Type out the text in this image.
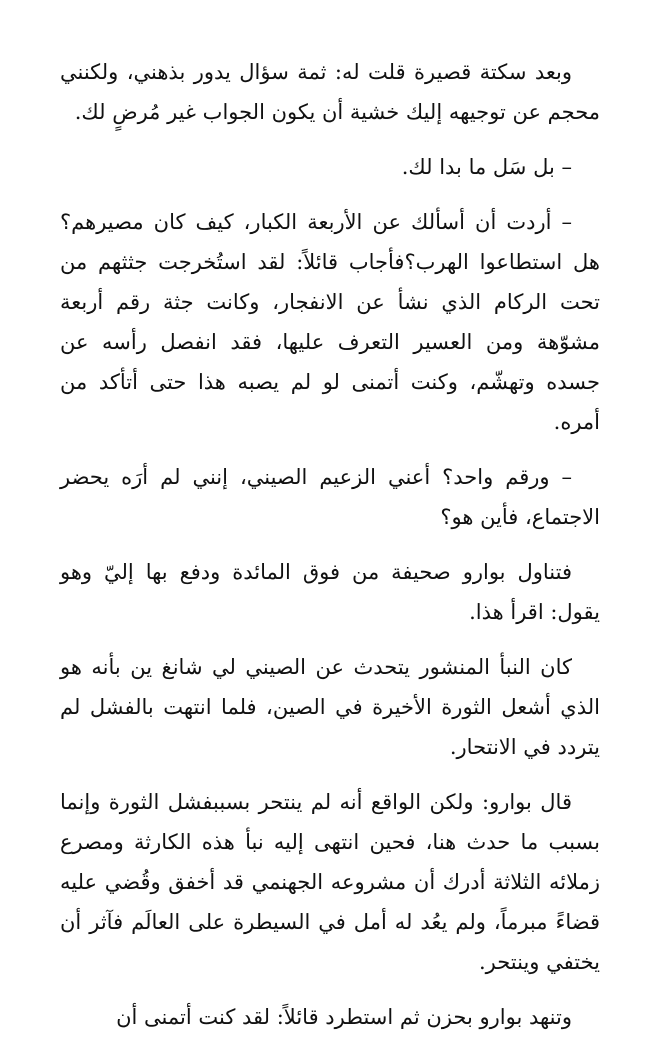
وبعد سكتة قصيرة قلت له: ثمة سؤال يدور بذهني، ولكنني محجم عن توجيهه إليك خشية أن يكون الجواب غير مُرضٍ لك.

– بل سَل ما بدا لك.

– أردت أن أسألك عن الأربعة الكبار، كيف كان مصيرهم؟ هل استطاعوا الهرب؟فأجاب قائلاً: لقد استُخرجت جثثهم من تحت الركام الذي نشأ عن الانفجار، وكانت جثة رقم أربعة مشوّهة ومن العسير التعرف عليها، فقد انفصل رأسه عن جسده وتهشّم، وكنت أتمنى لو لم يصبه هذا حتى أتأكد من أمره.

– ورقم واحد؟ أعني الزعيم الصيني، إنني لم أرَه يحضر الاجتماع، فأين هو؟

فتناول بوارو صحيفة من فوق المائدة ودفع بها إليّ وهو يقول: اقرأ هذا.

كان النبأ المنشور يتحدث عن الصيني لي شانغ ين بأنه هو الذي أشعل الثورة الأخيرة في الصين، فلما انتهت بالفشل لم يتردد في الانتحار.

قال بوارو: ولكن الواقع أنه لم ينتحر بسببفشل الثورة وإنما بسبب ما حدث هنا، فحين انتهى إليه نبأ هذه الكارثة ومصرع زملائه الثلاثة أدرك أن مشروعه الجهنمي قد أخفق وقُضي عليه قضاءً مبرماً، ولم يعُد له أمل في السيطرة على العالَم فآثر أن يختفي وينتحر.

وتنهد بوارو بحزن ثم استطرد قائلاً: لقد كنت أتمنى أن
